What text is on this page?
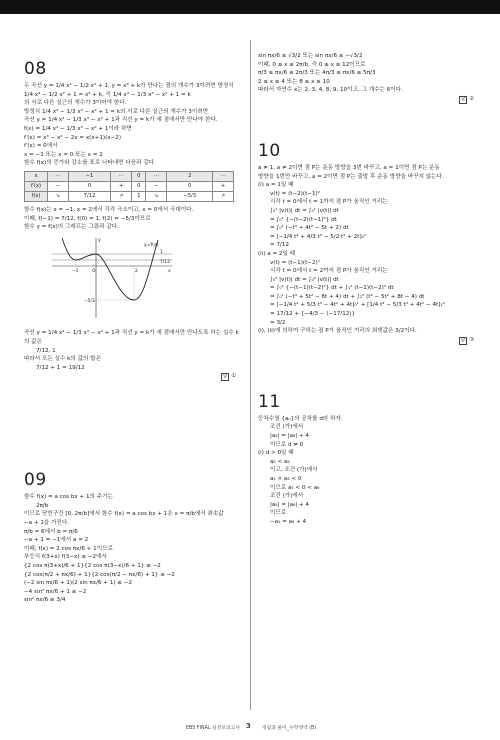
08
두 곡선 y = 1/4 x⁴ − 1/2 x² + 1, y = x³ + k가 만나는 점의 개수가 3이려면 방정식
1/4 x⁴ − 1/2 x² + 1 = x³ + k, 즉 1/4 x⁴ − 1/3 x³ − x² + 1 = k
의 서로 다른 실근의 개수가 3이어야 한다.
방정식 1/4 x⁴ − 1/3 x³ − x² + 1 = k의 서로 다른 실근의 개수가 3이려면
곡선 y = 1/4 x⁴ − 1/3 x³ − x² + 1과 직선 y = k가 세 점에서만 만나야 한다.
f(x) = 1/4 x⁴ − 1/3 x³ − x² + 1이라 하면
f′(x) = x³ − x² − 2x = x(x+1)(x−2)
f′(x) = 0에서
x = −1 또는 x = 0 또는 x = 2
함수 f(x)의 증가와 감소를 표로 나타내면 다음과 같다.
x	⋯	−1	⋯	0	⋯	2	⋯
f′(x)	−	0	+	0	−	0	+
f(x)	↘	7/12	↗	1	↘	−5/3	↗
함수 f(x)는 x = −1, x = 2에서 각각 극소이고, x = 0에서 극대이다.
이때, f(−1) = 7/12, f(0) = 1, f(2) = −5/3이므로
함수 y = f(x)의 그래프는 그림과 같다.
y=f(x)
y
x
1
7/12
−5/3
−1	O	2
곡선 y = 1/4 x⁴ − 1/3 x³ − x² + 1과 직선 y = k가 세 점에서만 만나도록 하는 실수 k
의 값은
7/12, 1
따라서 모든 실수 k의 값의 합은
7/12 + 1 = 19/12
답 ①
09
함수 f(x) = a cos bx + 1의 주기는
2π/b
이므로 닫힌구간 [0, 2π/b]에서 함수 f(x) = a cos bx + 1은 x = π/b에서 최솟값
−a + 1을 가진다.
π/b = 6에서 b = π/6
−a + 1 = −1에서 a = 2
이때, f(x) = 2 cos πx/6 + 1이므로
부등식 f(3+x) f(3−x) ≤ −2에서
{2 cos π(3+x)/6 + 1}{2 cos π(3−x)/6 + 1} ≤ −2
{2 cos(π/2 + πx/6) + 1}{2 cos(π/2 − πx/6) + 1} ≤ −2
(−2 sin πx/6 + 1)(2 sin πx/6 + 1) ≤ −2
−4 sin² πx/6 + 1 ≤ −2
sin² πx/6 ≥ 3/4
sin πx/6 ≥ √3/2 또는 sin πx/6 ≤ −√3/2
이때, 0 ≤ x ≤ 2π/b, 즉 0 ≤ x ≤ 12이므로
π/3 ≤ πx/6 ≤ 2π/3 또는 4π/3 ≤ πx/6 ≤ 5π/3
2 ≤ x ≤ 4 또는 8 ≤ x ≤ 10
따라서 자연수 x는 2, 3, 4, 8, 9, 10이고, 그 개수는 6이다.
답 ②
10
a ≠ 1, a ≠ 2이면 점 P는 운동 방향을 3번 바꾸고, a = 1이면 점 P는 운동
방향을 1번만 바꾸고, a = 2이면 점 P는 출발 후 운동 방향을 바꾸지 않는다.
(i) a = 1일 때
v(t) = (t−2)(t−1)²
시각 t = 0에서 t = 1까지 점 P가 움직인 거리는
∫₀¹ |v(t)| dt = ∫₀¹ |v(t)| dt
= ∫₀¹ {−(t−2)(t−1)²} dt
= ∫₀¹ (−t³ + 4t² − 5t + 2) dt
= [−1/4 t⁴ + 4/3 t³ − 5/2 t² + 2t]₀¹
= 7/12
(ii) a = 2일 때
v(t) = (t−1)(t−2)²
시각 t = 0에서 t = 2까지 점 P가 움직인 거리는
∫₀² |v(t)| dt = ∫₀² |v(t)| dt
= ∫₀¹ {−(t−1)(t−2)²} dt + ∫₁² (t−1)(t−2)² dt
= ∫₀¹ (−t³ + 5t² − 8t + 4) dt + ∫₁² (t³ − 5t² + 8t − 4) dt
= [−1/4 t⁴ + 5/3 t³ − 4t² + 4t]₀¹ + [1/4 t⁴ − 5/3 t³ + 4t² − 4t]₁²
= 17/12 + {−4/3 − (−17/12)}
= 3/2
(i), (ii)에 의하여 구하는 점 P가 움직인 거리의 최댓값은 3/2이다.
답 ③
11
등차수열 {aₙ}의 공차를 d라 하자.
조건 (가)에서
|a₅| = |a₆| + 4
이므로 d ≠ 0
(i) d > 0일 때
a₅ < a₆
이고, 조건 (가)에서
a₅ × a₆ < 0
이므로 a₅ < 0 < a₆
조건 (가)에서
|a₅| = |a₆| + 4
이므로
−a₅ = a₆ + 4
EBS FINAL 실전모의고사 3 정답과 풀이_수학영역 (B)
